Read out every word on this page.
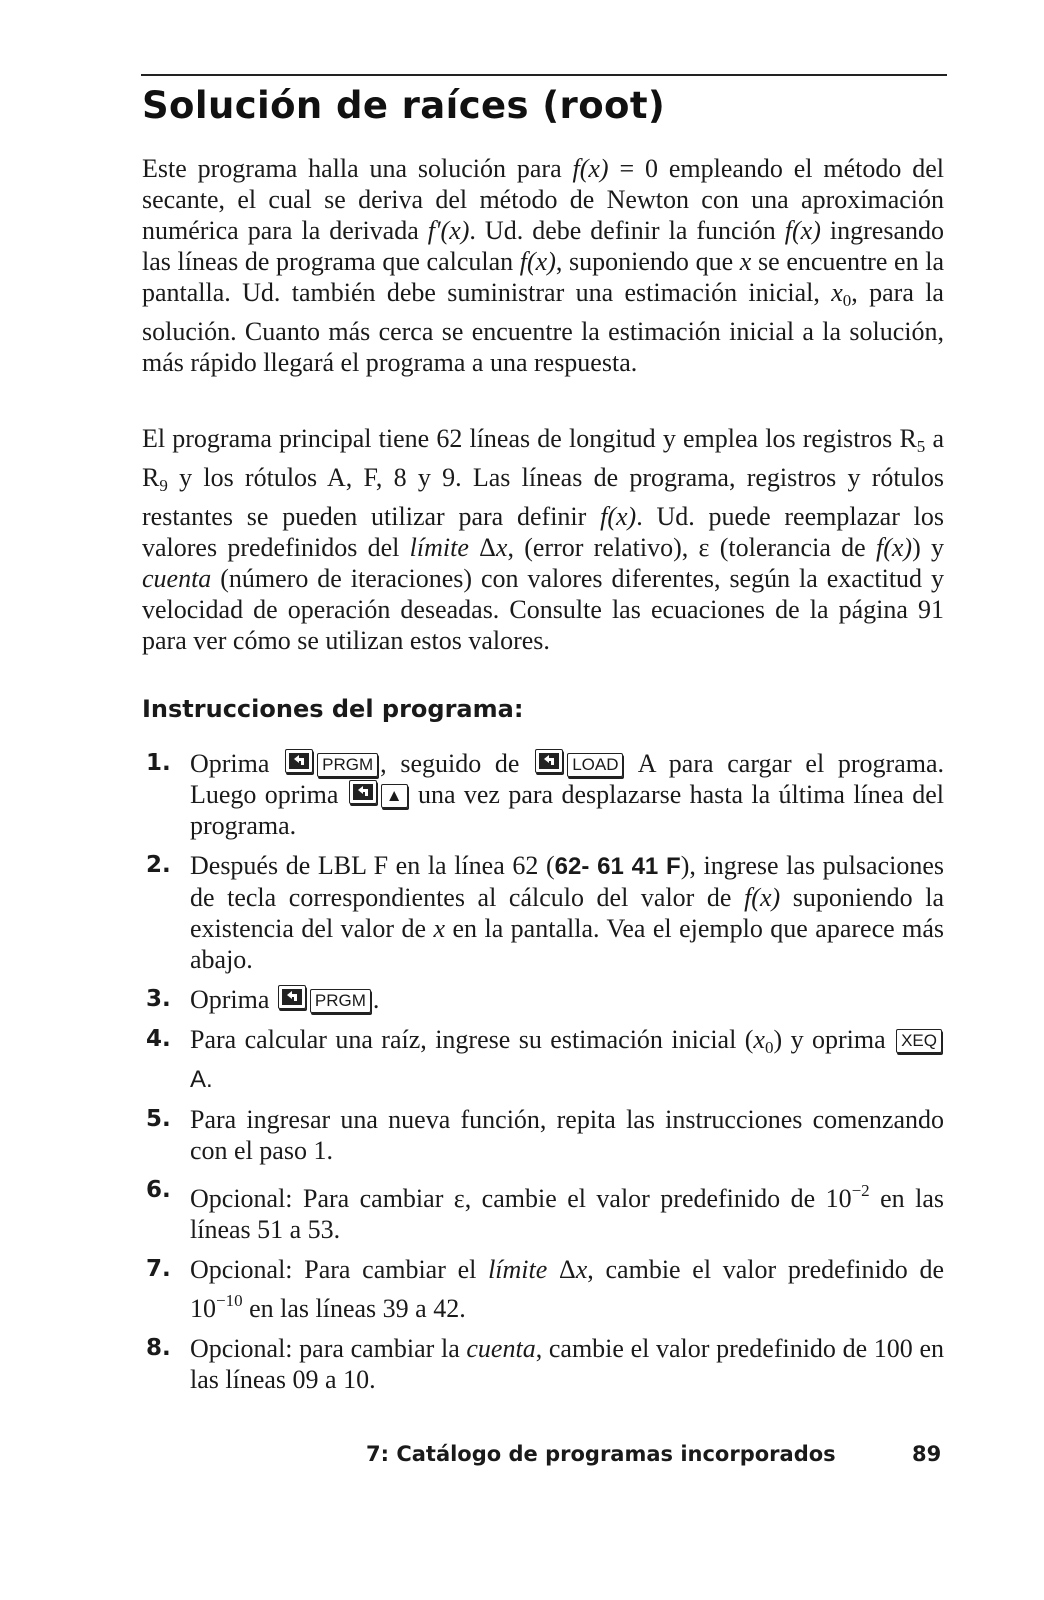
Solución de raíces (root)

Este programa halla una solución para f(x) = 0 empleando el método del secante, el cual se deriva del método de Newton con una aproximación numérica para la derivada f'(x). Ud. debe definir la función f(x) ingresando las líneas de programa que calculan f(x), suponiendo que x se encuentre en la pantalla. Ud. también debe suministrar una estimación inicial, $x_0$, para la solución. Cuanto más cerca se encuentre la estimación inicial a la solución, más rápido llegará el programa a una respuesta.

El programa principal tiene 62 líneas de longitud y emplea los registros $R_5$ a $R_9$ y los rótulos A, F, 8 y 9. Las líneas de programa, registros y rótulos restantes se pueden utilizar para definir f(x). Ud. puede reemplazar los valores predefinidos del límite Δx, (error relativo), ε (tolerancia de f(x)) y cuenta (número de iteraciones) con valores diferentes, según la exactitud y velocidad de operación deseadas. Consulte las ecuaciones de la página 91 para ver cómo se utilizan estos valores.

Instrucciones del programa:
1. Oprima
PRGM , seguido de
LOAD A para cargar el programa. Luego oprima
▲ una vez para desplazarse hasta la última línea del programa.
2. Después de LBL F en la línea 62 (62- 61 41 F), ingrese las pulsaciones de tecla correspondientes al cálculo del valor de f(x) suponiendo la existencia del valor de x en la pantalla. Vea el ejemplo que aparece más abajo.
3. Oprima
PRGM .
4. Para calcular una raíz, ingrese su estimación inicial $(x_0)$ y oprima XEQ A.
5. Para ingresar una nueva función, repita las instrucciones comenzando con el paso 1.
6. Opcional: Para cambiar ε, cambie el valor predefinido de $10^{-2}$ en las líneas 51 a 53.
7. Opcional: Para cambiar el límite Δx, cambie el valor predefinido de $10^{-10}$ en las líneas 39 a 42.
8. Opcional: para cambiar la cuenta, cambie el valor predefinido de 100 en las líneas 09 a 10.

7: Catálogo de programas incorporados	89
